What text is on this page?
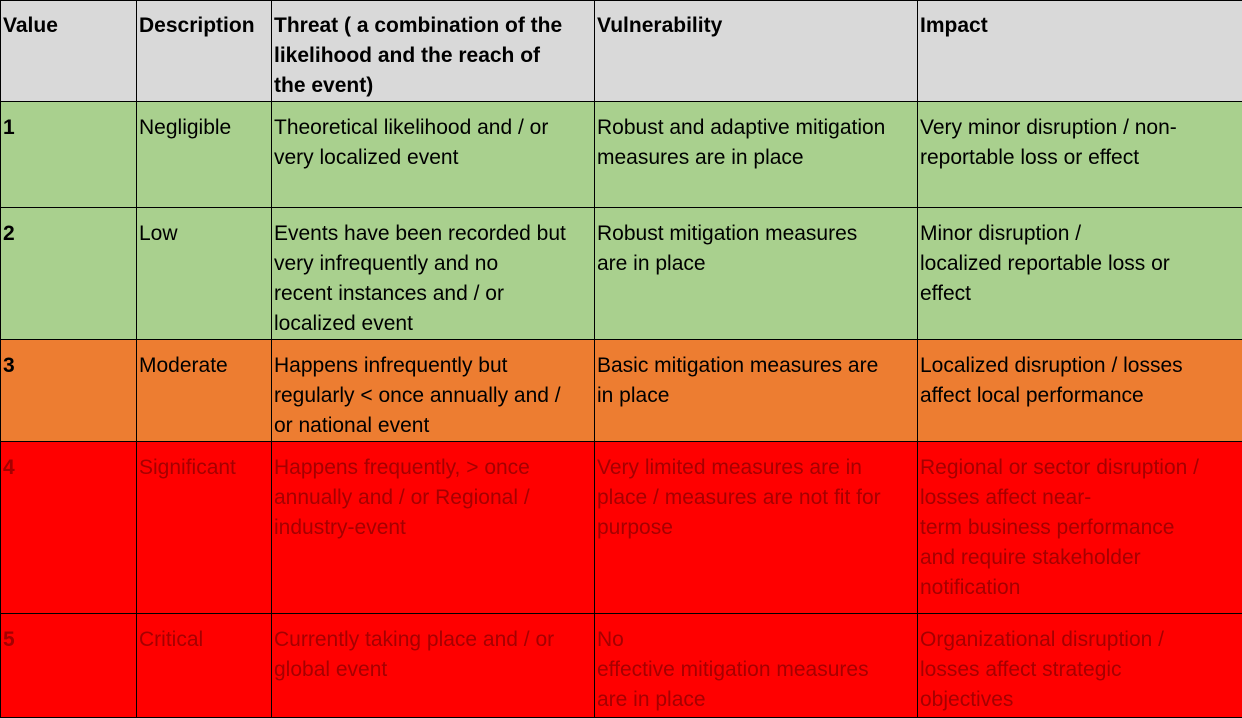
Value	Description	Threat ( a combination of the
likelihood and the reach of
the event)	Vulnerability	Impact
1	Negligible	Theoretical likelihood and / or
very localized event	Robust and adaptive mitigation
measures are in place	Very minor disruption / non-
reportable loss or effect
2	Low	Events have been recorded but
very infrequently and no
recent instances and / or
localized event	Robust mitigation measures
are in place	Minor disruption /
localized reportable loss or
effect
3	Moderate	Happens infrequently but
regularly < once annually and /
or national event	Basic mitigation measures are
in place	Localized disruption / losses
affect local performance
4	Significant	Happens frequently, > once
annually and / or Regional /
industry-event	Very limited measures are in
place / measures are not fit for
purpose	Regional or sector disruption /
losses affect near-
term business performance
and require stakeholder
notification
5	Critical	Currently taking place and / or
global event	No
effective mitigation measures
are in place	Organizational disruption /
losses affect strategic
objectives
